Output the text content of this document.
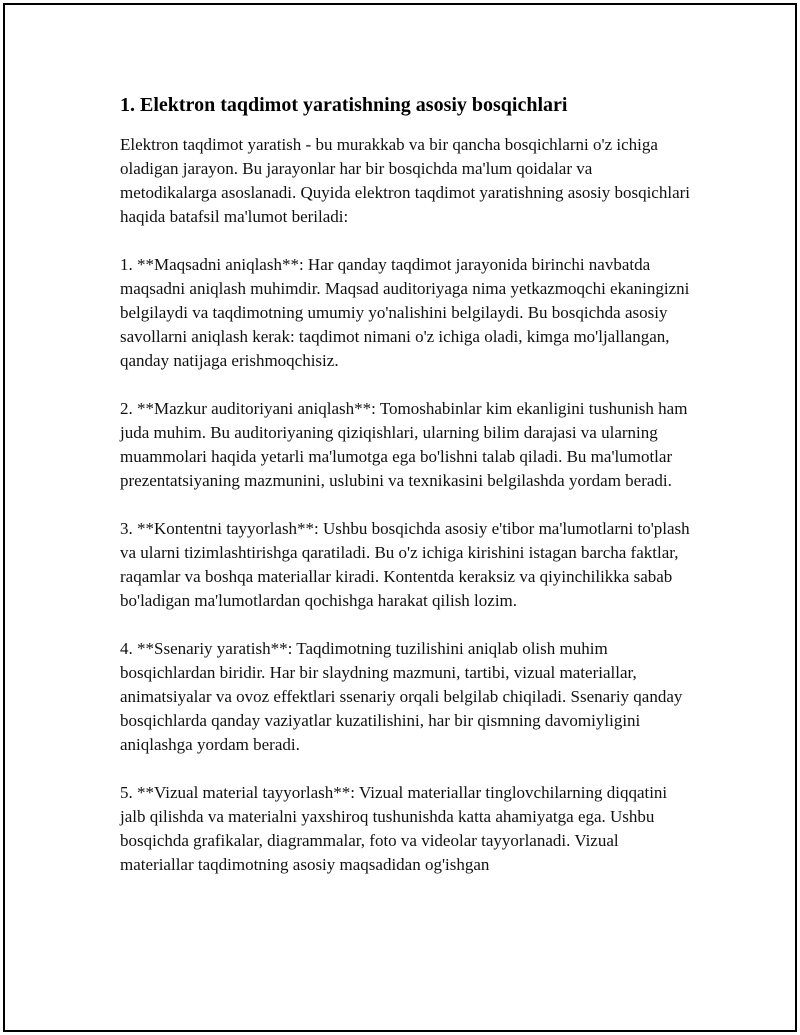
1. Elektron taqdimot yaratishning asosiy bosqichlari

Elektron taqdimot yaratish - bu murakkab va bir qancha bosqichlarni o'z ichiga oladigan jarayon. Bu jarayonlar har bir bosqichda ma'lum qoidalar va metodikalarga asoslanadi. Quyida elektron taqdimot yaratishning asosiy bosqichlari haqida batafsil ma'lumot beriladi:

1. **Maqsadni aniqlash**: Har qanday taqdimot jarayonida birinchi navbatda maqsadni aniqlash muhimdir. Maqsad auditoriyaga nima yetkazmoqchi ekaningizni belgilaydi va taqdimotning umumiy yo'nalishini belgilaydi. Bu bosqichda asosiy savollarni aniqlash kerak: taqdimot nimani o'z ichiga oladi, kimga mo'ljallangan, qanday natijaga erishmoqchisiz.

2. **Mazkur auditoriyani aniqlash**: Tomoshabinlar kim ekanligini tushunish ham juda muhim. Bu auditoriyaning qiziqishlari, ularning bilim darajasi va ularning muammolari haqida yetarli ma'lumotga ega bo'lishni talab qiladi. Bu ma'lumotlar prezentatsiyaning mazmunini, uslubini va texnikasini belgilashda yordam beradi.

3. **Kontentni tayyorlash**: Ushbu bosqichda asosiy e'tibor ma'lumotlarni to'plash va ularni tizimlashtirishga qaratiladi. Bu o'z ichiga kirishini istagan barcha faktlar, raqamlar va boshqa materiallar kiradi. Kontentda keraksiz va qiyinchilikka sabab bo'ladigan ma'lumotlardan qochishga harakat qilish lozim.

4. **Ssenariy yaratish**: Taqdimotning tuzilishini aniqlab olish muhim bosqichlardan biridir. Har bir slaydning mazmuni, tartibi, vizual materiallar, animatsiyalar va ovoz effektlari ssenariy orqali belgilab chiqiladi. Ssenariy qanday bosqichlarda qanday vaziyatlar kuzatilishini, har bir qismning davomiyligini aniqlashga yordam beradi.

5. **Vizual material tayyorlash**: Vizual materiallar tinglovchilarning diqqatini jalb qilishda va materialni yaxshiroq tushunishda katta ahamiyatga ega. Ushbu bosqichda grafikalar, diagrammalar, foto va videolar tayyorlanadi. Vizual materiallar taqdimotning asosiy maqsadidan og'ishgan
